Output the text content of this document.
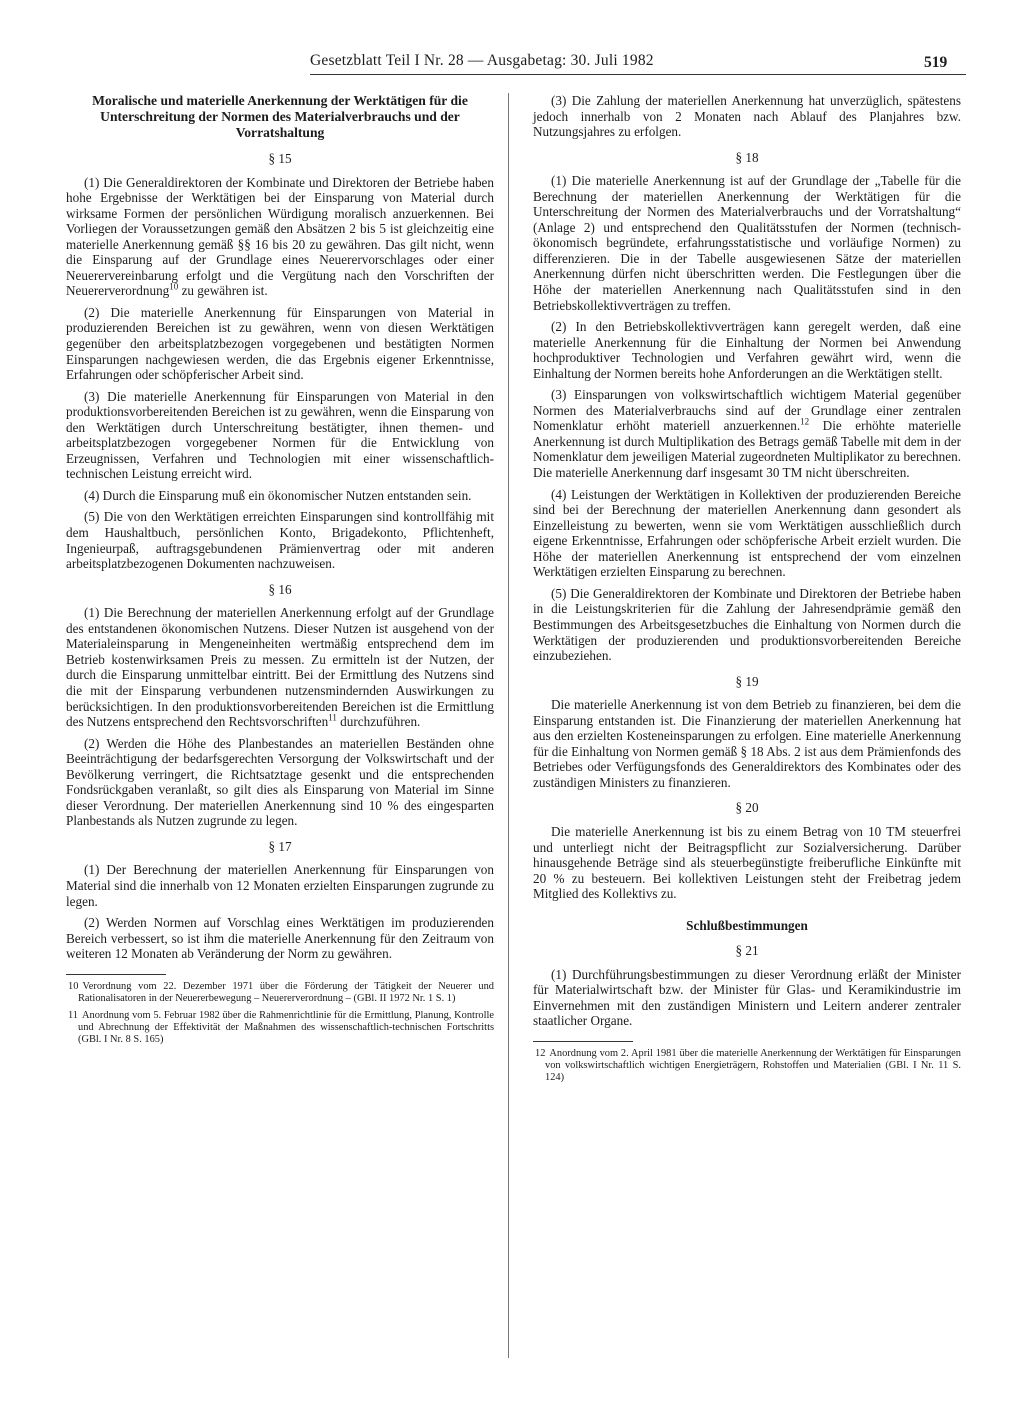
Gesetzblatt Teil I Nr. 28 — Ausgabetag: 30. Juli 1982	519

Moralische und materielle Anerkennung der Werktätigen für die Unterschreitung der Normen des Materialverbrauchs und der Vorratshaltung

§ 15

(1) Die Generaldirektoren der Kombinate und Direktoren der Betriebe haben hohe Ergebnisse der Werktätigen bei der Einsparung von Material durch wirksame Formen der persönlichen Würdigung moralisch anzuerkennen. Bei Vorliegen der Voraussetzungen gemäß den Absätzen 2 bis 5 ist gleichzeitig eine materielle Anerkennung gemäß §§ 16 bis 20 zu gewähren. Das gilt nicht, wenn die Einsparung auf der Grundlage eines Neuerervorschlages oder einer Neuerervereinbarung erfolgt und die Vergütung nach den Vorschriften der Neuererverordnung$^{10}$ zu gewähren ist.

(2) Die materielle Anerkennung für Einsparungen von Material in produzierenden Bereichen ist zu gewähren, wenn von diesen Werktätigen gegenüber den arbeitsplatzbezogen vorgegebenen und bestätigten Normen Einsparungen nachgewiesen werden, die das Ergebnis eigener Erkenntnisse, Erfahrungen oder schöpferischer Arbeit sind.

(3) Die materielle Anerkennung für Einsparungen von Material in den produktionsvorbereitenden Bereichen ist zu gewähren, wenn die Einsparung von den Werktätigen durch Unterschreitung bestätigter, ihnen themen- und arbeitsplatzbezogen vorgegebener Normen für die Entwicklung von Erzeugnissen, Verfahren und Technologien mit einer wissenschaftlich-technischen Leistung erreicht wird.

(4) Durch die Einsparung muß ein ökonomischer Nutzen entstanden sein.

(5) Die von den Werktätigen erreichten Einsparungen sind kontrollfähig mit dem Haushaltbuch, persönlichen Konto, Brigadekonto, Pflichtenheft, Ingenieurpaß, auftragsgebundenen Prämienvertrag oder mit anderen arbeitsplatzbezogenen Dokumenten nachzuweisen.

§ 16

(1) Die Berechnung der materiellen Anerkennung erfolgt auf der Grundlage des entstandenen ökonomischen Nutzens. Dieser Nutzen ist ausgehend von der Materialeinsparung in Mengeneinheiten wertmäßig entsprechend dem im Betrieb kostenwirksamen Preis zu messen. Zu ermitteln ist der Nutzen, der durch die Einsparung unmittelbar eintritt. Bei der Ermittlung des Nutzens sind die mit der Einsparung verbundenen nutzensmindernden Auswirkungen zu berücksichtigen. In den produktionsvorbereitenden Bereichen ist die Ermittlung des Nutzens entsprechend den Rechtsvorschriften$^{11}$ durchzuführen.

(2) Werden die Höhe des Planbestandes an materiellen Beständen ohne Beeinträchtigung der bedarfsgerechten Versorgung der Volkswirtschaft und der Bevölkerung verringert, die Richtsatztage gesenkt und die entsprechenden Fondsrückgaben veranlaßt, so gilt dies als Einsparung von Material im Sinne dieser Verordnung. Der materiellen Anerkennung sind 10 % des eingesparten Planbestands als Nutzen zugrunde zu legen.

§ 17

(1) Der Berechnung der materiellen Anerkennung für Einsparungen von Material sind die innerhalb von 12 Monaten erzielten Einsparungen zugrunde zu legen.

(2) Werden Normen auf Vorschlag eines Werktätigen im produzierenden Bereich verbessert, so ist ihm die materielle Anerkennung für den Zeitraum von weiteren 12 Monaten ab Veränderung der Norm zu gewähren.

10 Verordnung vom 22. Dezember 1971 über die Förderung der Tätigkeit der Neuerer und Rationalisatoren in der Neuererbewegung – Neuererverordnung – (GBl. II 1972 Nr. 1 S. 1)

11 Anordnung vom 5. Februar 1982 über die Rahmenrichtlinie für die Ermittlung, Planung, Kontrolle und Abrechnung der Effektivität der Maßnahmen des wissenschaftlich-technischen Fortschritts (GBl. I Nr. 8 S. 165)

(3) Die Zahlung der materiellen Anerkennung hat unverzüglich, spätestens jedoch innerhalb von 2 Monaten nach Ablauf des Planjahres bzw. Nutzungsjahres zu erfolgen.

§ 18

(1) Die materielle Anerkennung ist auf der Grundlage der „Tabelle für die Berechnung der materiellen Anerkennung der Werktätigen für die Unterschreitung der Normen des Materialverbrauchs und der Vorratshaltung“ (Anlage 2) und entsprechend den Qualitätsstufen der Normen (technisch-ökonomisch begründete, erfahrungsstatistische und vorläufige Normen) zu differenzieren. Die in der Tabelle ausgewiesenen Sätze der materiellen Anerkennung dürfen nicht überschritten werden. Die Festlegungen über die Höhe der materiellen Anerkennung nach Qualitätsstufen sind in den Betriebskollektivverträgen zu treffen.

(2) In den Betriebskollektivverträgen kann geregelt werden, daß eine materielle Anerkennung für die Einhaltung der Normen bei Anwendung hochproduktiver Technologien und Verfahren gewährt wird, wenn die Einhaltung der Normen bereits hohe Anforderungen an die Werktätigen stellt.

(3) Einsparungen von volkswirtschaftlich wichtigem Material gegenüber Normen des Materialverbrauchs sind auf der Grundlage einer zentralen Nomenklatur erhöht materiell anzuerkennen.$^{12}$ Die erhöhte materielle Anerkennung ist durch Multiplikation des Betrags gemäß Tabelle mit dem in der Nomenklatur dem jeweiligen Material zugeordneten Multiplikator zu berechnen. Die materielle Anerkennung darf insgesamt 30 TM nicht überschreiten.

(4) Leistungen der Werktätigen in Kollektiven der produzierenden Bereiche sind bei der Berechnung der materiellen Anerkennung dann gesondert als Einzelleistung zu bewerten, wenn sie vom Werktätigen ausschließlich durch eigene Erkenntnisse, Erfahrungen oder schöpferische Arbeit erzielt wurden. Die Höhe der materiellen Anerkennung ist entsprechend der vom einzelnen Werktätigen erzielten Einsparung zu berechnen.

(5) Die Generaldirektoren der Kombinate und Direktoren der Betriebe haben in die Leistungskriterien für die Zahlung der Jahresendprämie gemäß den Bestimmungen des Arbeitsgesetzbuches die Einhaltung von Normen durch die Werktätigen der produzierenden und produktionsvorbereitenden Bereiche einzubeziehen.

§ 19

Die materielle Anerkennung ist von dem Betrieb zu finanzieren, bei dem die Einsparung entstanden ist. Die Finanzierung der materiellen Anerkennung hat aus den erzielten Kosteneinsparungen zu erfolgen. Eine materielle Anerkennung für die Einhaltung von Normen gemäß § 18 Abs. 2 ist aus dem Prämienfonds des Betriebes oder Verfügungsfonds des Generaldirektors des Kombinates oder des zuständigen Ministers zu finanzieren.

§ 20

Die materielle Anerkennung ist bis zu einem Betrag von 10 TM steuerfrei und unterliegt nicht der Beitragspflicht zur Sozialversicherung. Darüber hinausgehende Beträge sind als steuerbegünstigte freiberufliche Einkünfte mit 20 % zu besteuern. Bei kollektiven Leistungen steht der Freibetrag jedem Mitglied des Kollektivs zu.

Schlußbestimmungen

§ 21

(1) Durchführungsbestimmungen zu dieser Verordnung erläßt der Minister für Materialwirtschaft bzw. der Minister für Glas- und Keramikindustrie im Einvernehmen mit den zuständigen Ministern und Leitern anderer zentraler staatlicher Organe.

12 Anordnung vom 2. April 1981 über die materielle Anerkennung der Werktätigen für Einsparungen von volkswirtschaftlich wichtigen Energieträgern, Rohstoffen und Materialien (GBl. I Nr. 11 S. 124)
